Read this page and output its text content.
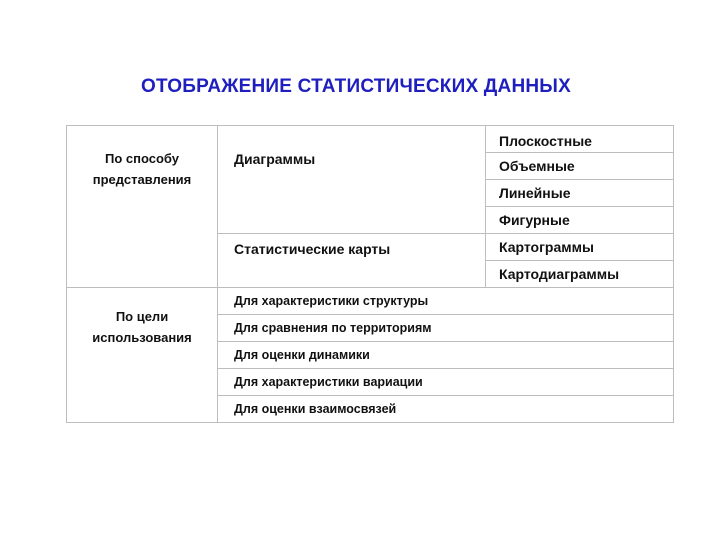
ОТОБРАЖЕНИЕ СТАТИСТИЧЕСКИХ ДАННЫХ
По способу
представления	Диаграммы	Плоскостные
		Объемные
		Линейные
		Фигурные
	Статистические карты	Картограммы
		Картодиаграммы
По цели
использования	Для характеристики структуры	
	Для сравнения по территориям	
	Для оценки динамики	
	Для характеристики вариации	
	Для оценки взаимосвязей	
